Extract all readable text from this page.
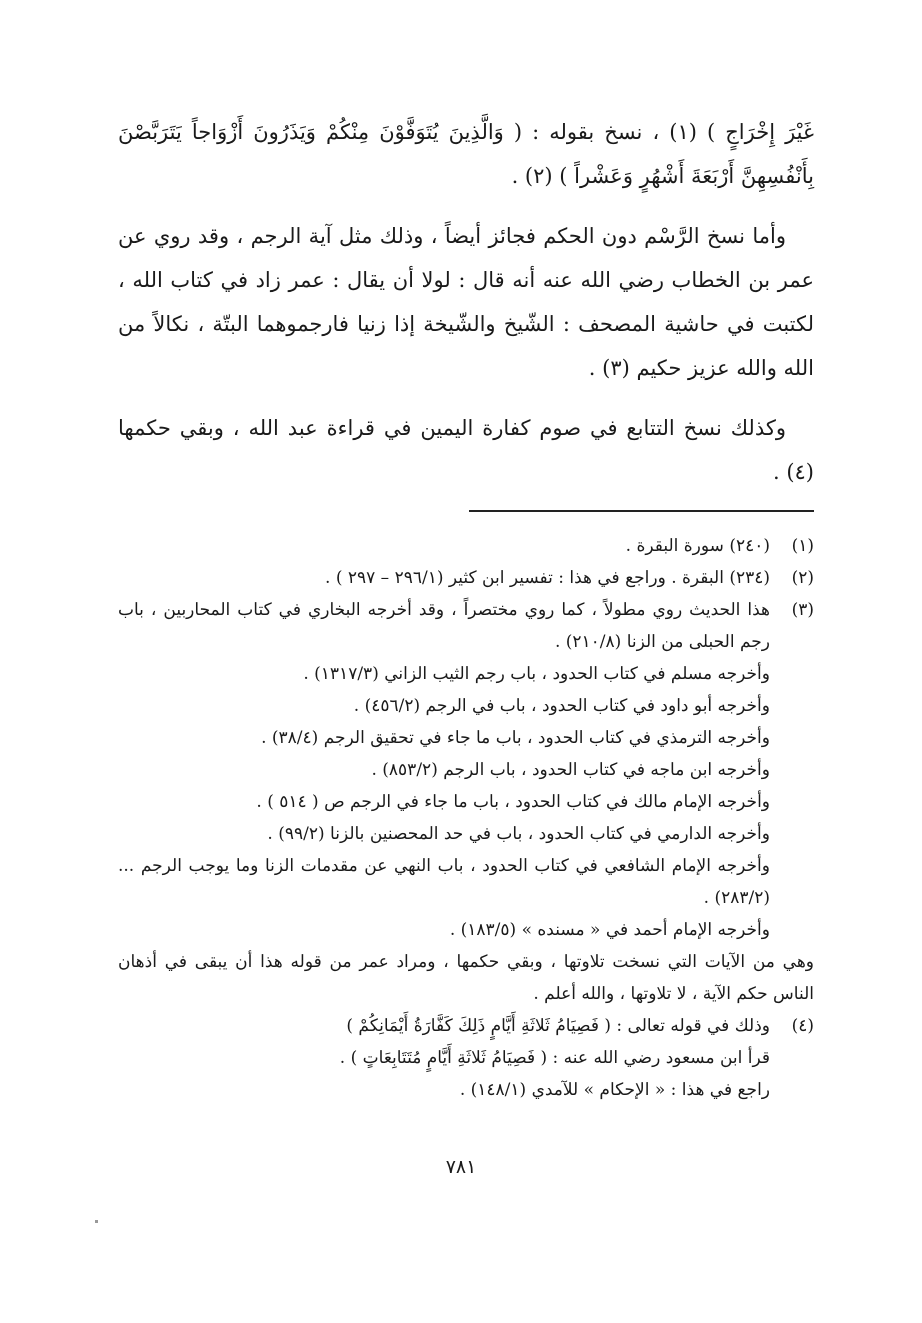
غَيْرَ إِخْرَاجٍ ) (١) ، نسخ بقوله : ( وَالَّذِينَ يُتَوَفَّوْنَ مِنْكُمْ وَيَذَرُونَ أَزْوَاجاً يَتَرَبَّصْنَ بِأَنْفُسِهِنَّ أَرْبَعَةَ أَشْهُرٍ وَعَشْراً ) (٢) .

وأما نسخ الرَّسْم دون الحكم فجائز أيضاً ، وذلك مثل آية الرجم ، وقد روي عن عمر بن الخطاب رضي الله عنه أنه قال : لولا أن يقال : عمر زاد في كتاب الله ، لكتبت في حاشية المصحف : الشّيخ والشّيخة إذا زنيا فارجموهما البتّة ، نكالاً من الله والله عزيز حكيم (٣) .

وكذلك نسخ التتابع في صوم كفارة اليمين في قراءة عبد الله ، وبقي حكمها (٤) .

(١)
(٢٤٠) سورة البقرة .
(٢)
(٢٣٤) البقرة . وراجع في هذا : تفسير ابن كثير (٢٩٦/١ – ٢٩٧ ) .
(٣)
هذا الحديث روي مطولاً ، كما روي مختصراً ، وقد أخرجه البخاري في كتاب المحاربين ، باب رجم الحبلى من الزنا (٢١٠/٨) .
وأخرجه مسلم في كتاب الحدود ، باب رجم الثيب الزاني (١٣١٧/٣) .
وأخرجه أبو داود في كتاب الحدود ، باب في الرجم (٤٥٦/٢) .
وأخرجه الترمذي في كتاب الحدود ، باب ما جاء في تحقيق الرجم (٣٨/٤) .
وأخرجه ابن ماجه في كتاب الحدود ، باب الرجم (٨٥٣/٢) .
وأخرجه الإمام مالك في كتاب الحدود ، باب ما جاء في الرجم ص ( ٥١٤ ) .
وأخرجه الدارمي في كتاب الحدود ، باب في حد المحصنين بالزنا (٩٩/٢) .
وأخرجه الإمام الشافعي في كتاب الحدود ، باب النهي عن مقدمات الزنا وما يوجب الرجم ... (٢٨٣/٢) .
وأخرجه الإمام أحمد في « مسنده » (١٨٣/٥) .
وهي من الآيات التي نسخت تلاوتها ، وبقي حكمها ، ومراد عمر من قوله هذا أن يبقى في أذهان الناس حكم الآية ، لا تلاوتها ، والله أعلم .
(٤)
وذلك في قوله تعالى : ( فَصِيَامُ ثَلاثَةِ أَيَّامٍ ذَلِكَ كَفَّارَةُ أَيْمَانِكُمْ )
قرأ ابن مسعود رضي الله عنه : ( فَصِيَامُ ثَلاثَةِ أَيَّامٍ مُتَتَابِعَاتٍ ) .
راجع في هذا : « الإحكام » للآمدي (١٤٨/١) .
٧٨١
